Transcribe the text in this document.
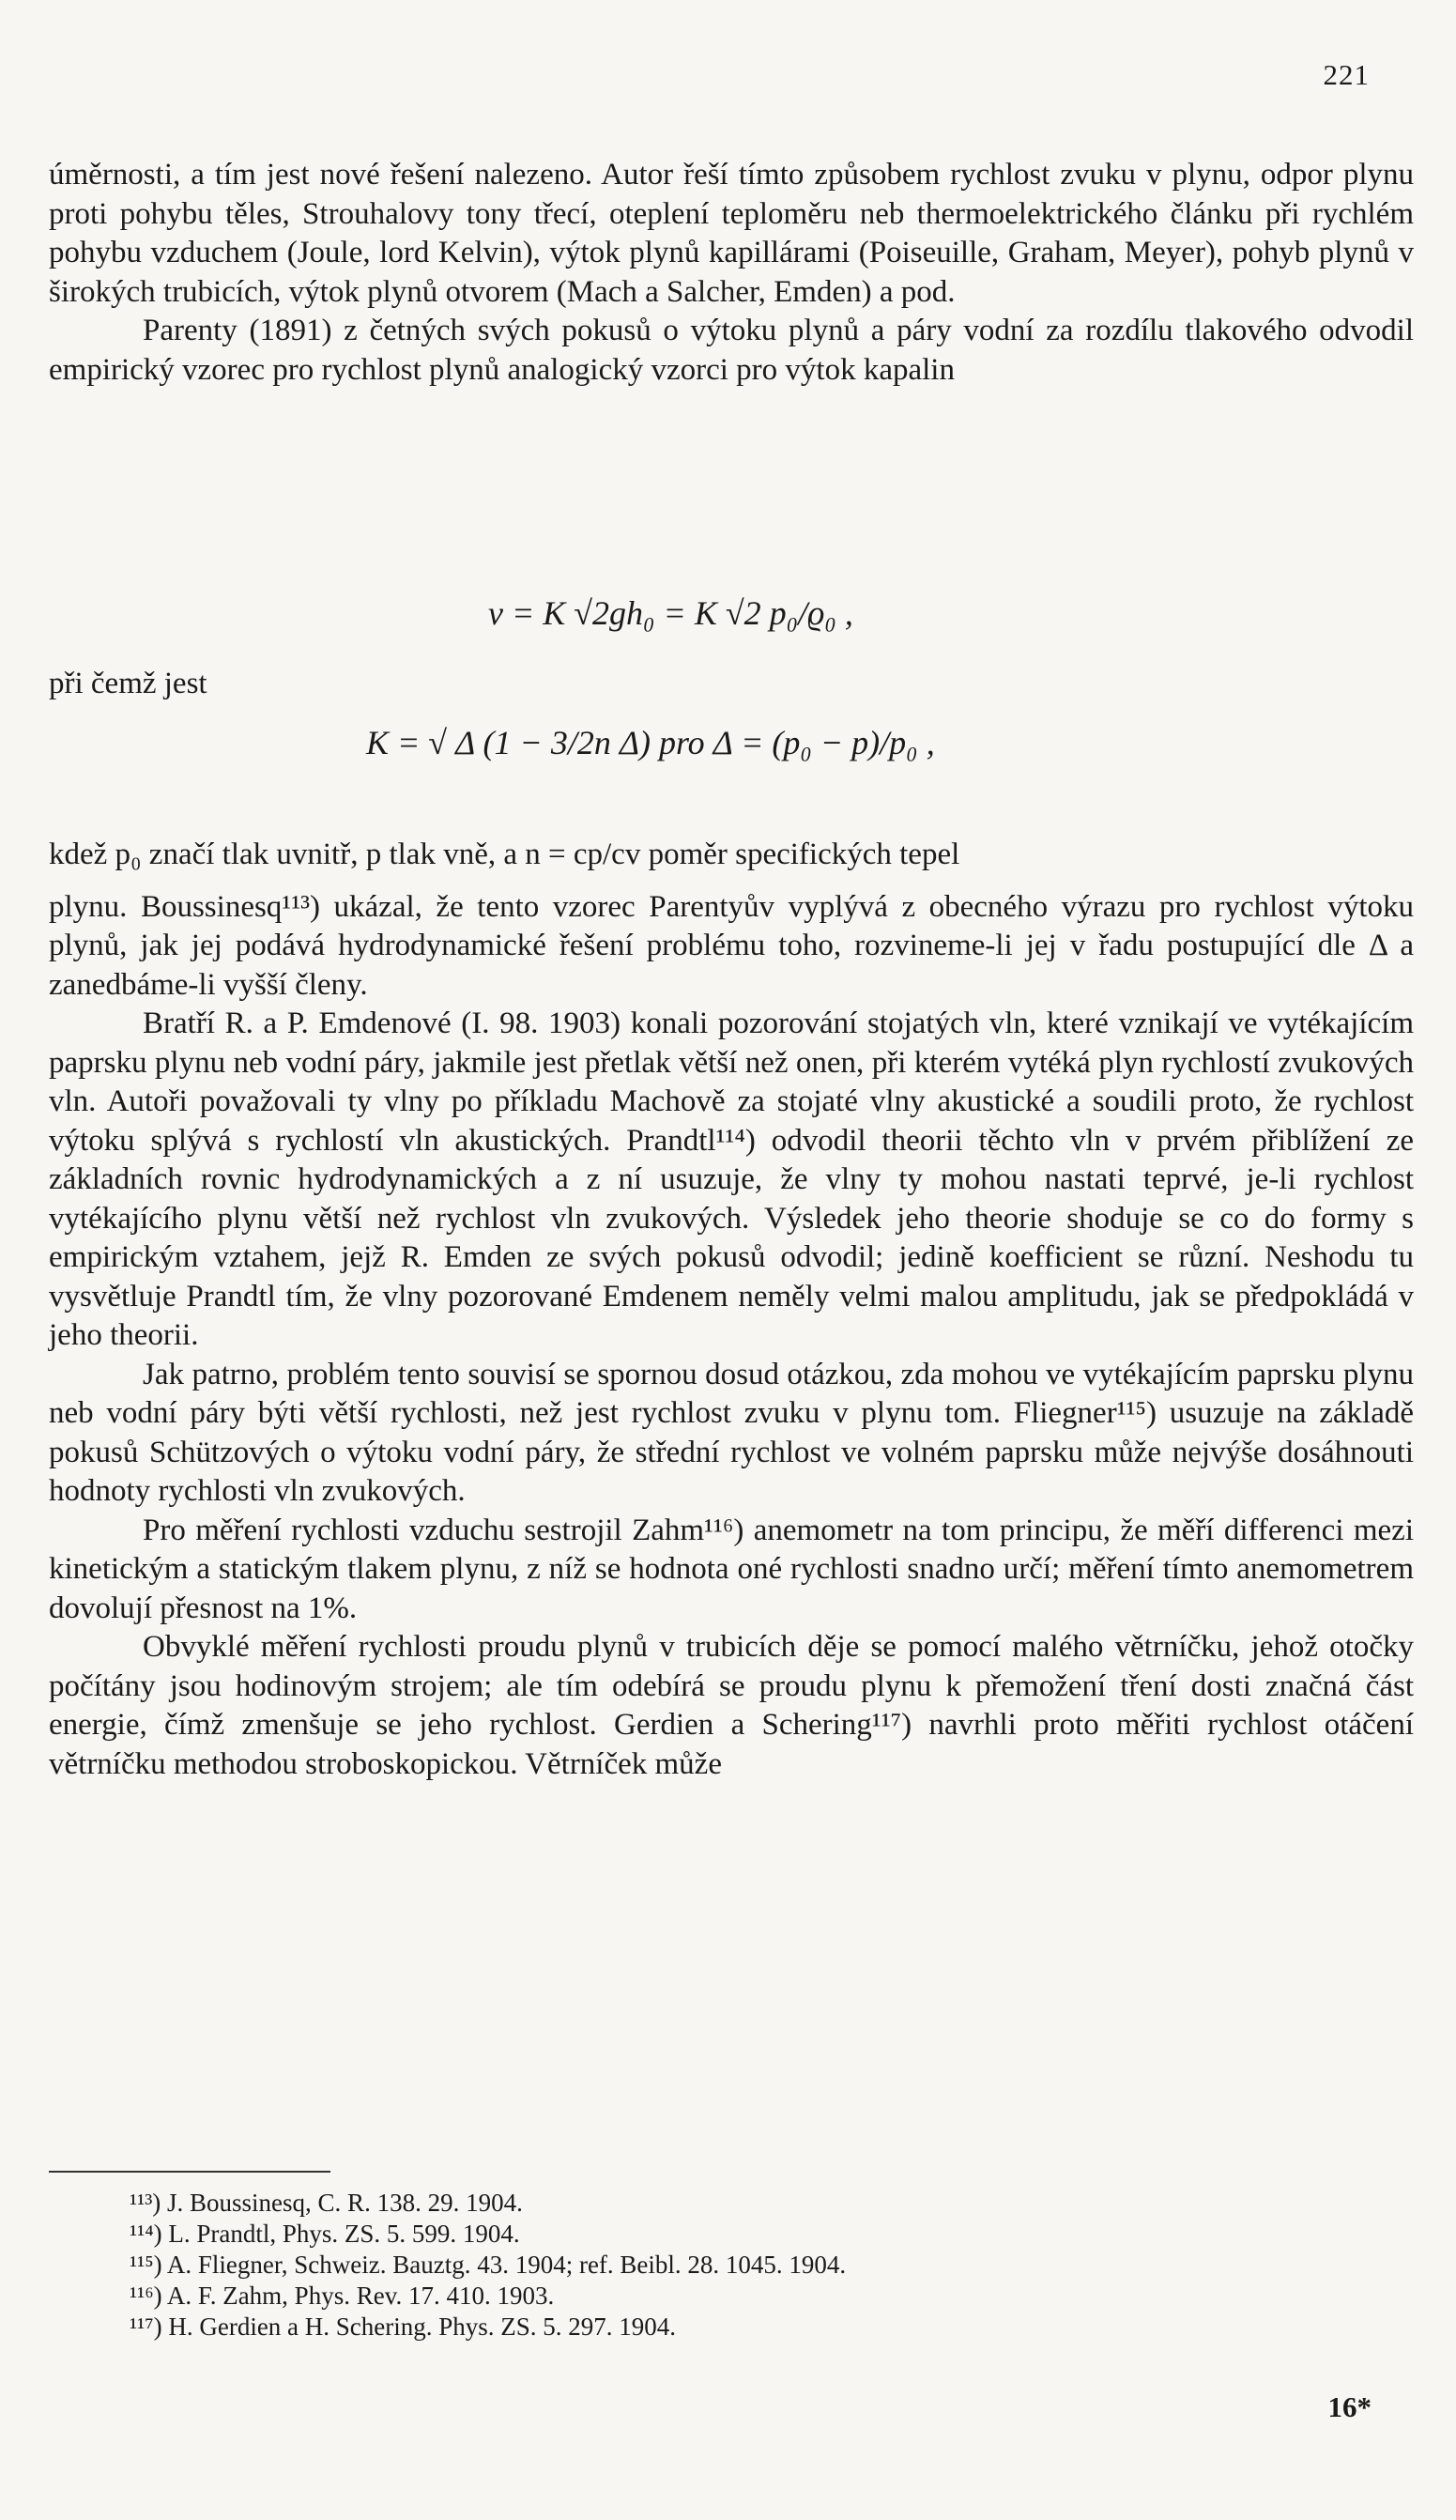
221

úměrnosti, a tím jest nové řešení nalezeno. Autor řeší tímto způsobem rychlost zvuku v plynu, odpor plynu proti pohybu těles, Strouhalovy tony třecí, oteplení teploměru neb thermoelektrického článku při rychlém pohybu vzduchem (Joule, lord Kelvin), výtok plynů kapillárami (Poiseuille, Graham, Meyer), pohyb plynů v širokých trubicích, výtok plynů otvorem (Mach a Salcher, Emden) a pod.

Parenty (1891) z četných svých pokusů o výtoku plynů a páry vodní za rozdílu tlakového odvodil empirický vzorec pro rychlost plynů analogický vzorci pro výtok kapalin

v = K √2gh₀ = K √2 p₀/ϱ₀ ,
při čemž jest
K = √ Δ (1 − 3/2n Δ) pro Δ = (p₀ − p)/p₀ ,

kdež p₀ značí tlak uvnitř, p tlak vně, a n = cp/cv poměr specifických tepel

plynu. Boussinesq¹¹³) ukázal, že tento vzorec Parentyův vyplývá z obecného výrazu pro rychlost výtoku plynů, jak jej podává hydrodynamické řešení problému toho, rozvineme-li jej v řadu postupující dle Δ a zanedbáme-li vyšší členy.

Bratří R. a P. Emdenové (I. 98. 1903) konali pozorování stojatých vln, které vznikají ve vytékajícím paprsku plynu neb vodní páry, jakmile jest přetlak větší než onen, při kterém vytéká plyn rychlostí zvukových vln. Autoři považovali ty vlny po příkladu Machově za stojaté vlny akustické a soudili proto, že rychlost výtoku splývá s rychlostí vln akustických. Prandtl¹¹⁴) odvodil theorii těchto vln v prvém přiblížení ze základních rovnic hydrodynamických a z ní usuzuje, že vlny ty mohou nastati teprvé, je-li rychlost vytékajícího plynu větší než rychlost vln zvukových. Výsledek jeho theorie shoduje se co do formy s empirickým vztahem, jejž R. Emden ze svých pokusů odvodil; jedině koefficient se různí. Neshodu tu vysvětluje Prandtl tím, že vlny pozorované Emdenem neměly velmi malou amplitudu, jak se předpokládá v jeho theorii.

Jak patrno, problém tento souvisí se spornou dosud otázkou, zda mohou ve vytékajícím paprsku plynu neb vodní páry býti větší rychlosti, než jest rychlost zvuku v plynu tom. Fliegner¹¹⁵) usuzuje na základě pokusů Schützových o výtoku vodní páry, že střední rychlost ve volném paprsku může nejvýše dosáhnouti hodnoty rychlosti vln zvukových.

Pro měření rychlosti vzduchu sestrojil Zahm¹¹⁶) anemometr na tom principu, že měří differenci mezi kinetickým a statickým tlakem plynu, z níž se hodnota oné rychlosti snadno určí; měření tímto anemometrem dovolují přesnost na 1%.

Obvyklé měření rychlosti proudu plynů v trubicích děje se pomocí malého větrníčku, jehož otočky počítány jsou hodinovým strojem; ale tím odebírá se proudu plynu k přemožení tření dosti značná část energie, čímž zmenšuje se jeho rychlost. Gerdien a Schering¹¹⁷) navrhli proto měřiti rychlost otáčení větrníčku methodou stroboskopickou. Větrníček může

¹¹³) J. Boussinesq, C. R. 138. 29. 1904.
¹¹⁴) L. Prandtl, Phys. ZS. 5. 599. 1904.
¹¹⁵) A. Fliegner, Schweiz. Bauztg. 43. 1904; ref. Beibl. 28. 1045. 1904.
¹¹⁶) A. F. Zahm, Phys. Rev. 17. 410. 1903.
¹¹⁷) H. Gerdien a H. Schering. Phys. ZS. 5. 297. 1904.
16*
